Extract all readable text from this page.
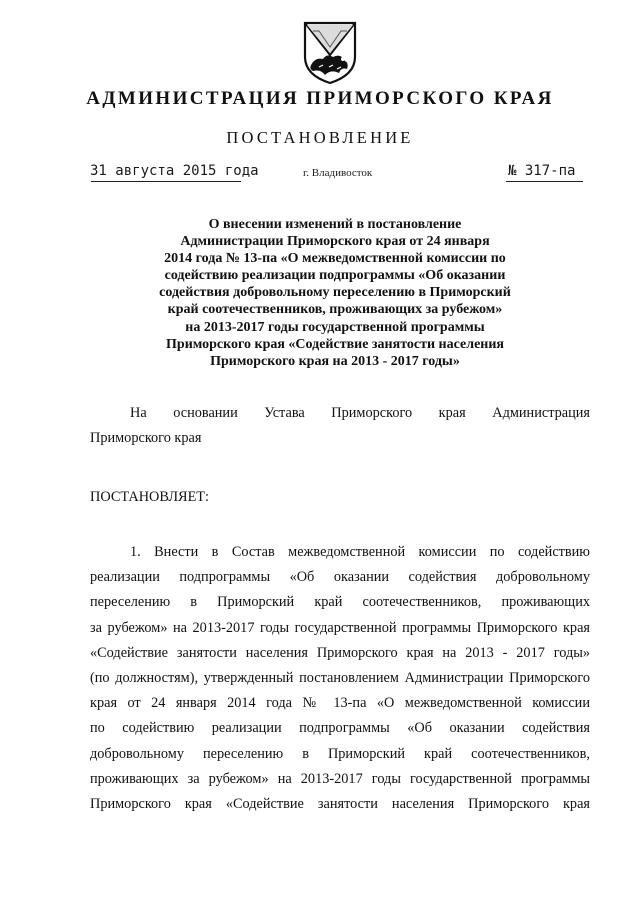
АДМИНИСТРАЦИЯ ПРИМОРСКОГО КРАЯ
ПОСТАНОВЛЕНИЕ
31 августа 2015 года	г. Владивосток	№ 317-па
О внесении изменений в постановление
Администрации Приморского края от 24 января
2014 года № 13-па «О межведомственной комиссии по
содействию реализации подпрограммы «Об оказании
содействия добровольному переселению в Приморский
край соотечественников, проживающих за рубежом»
на 2013-2017 годы государственной программы
Приморского края «Содействие занятости населения
Приморского края на 2013 - 2017 годы»
На основании Устава Приморского края Администрация
Приморского края
ПОСТАНОВЛЯЕТ:
1. Внести в Состав межведомственной комиссии по содействию
реализации подпрограммы «Об оказании содействия добровольному
переселению в Приморский край соотечественников, проживающих
за рубежом» на 2013-2017 годы государственной программы Приморского края
«Содействие занятости населения Приморского края на 2013 - 2017 годы»
(по должностям), утвержденный постановлением Администрации Приморского
края от 24 января 2014 года № 13-па «О межведомственной комиссии
по содействию реализации подпрограммы «Об оказании содействия
добровольному переселению в Приморский край соотечественников,
проживающих за рубежом» на 2013-2017 годы государственной программы
Приморского края «Содействие занятости населения Приморского края
